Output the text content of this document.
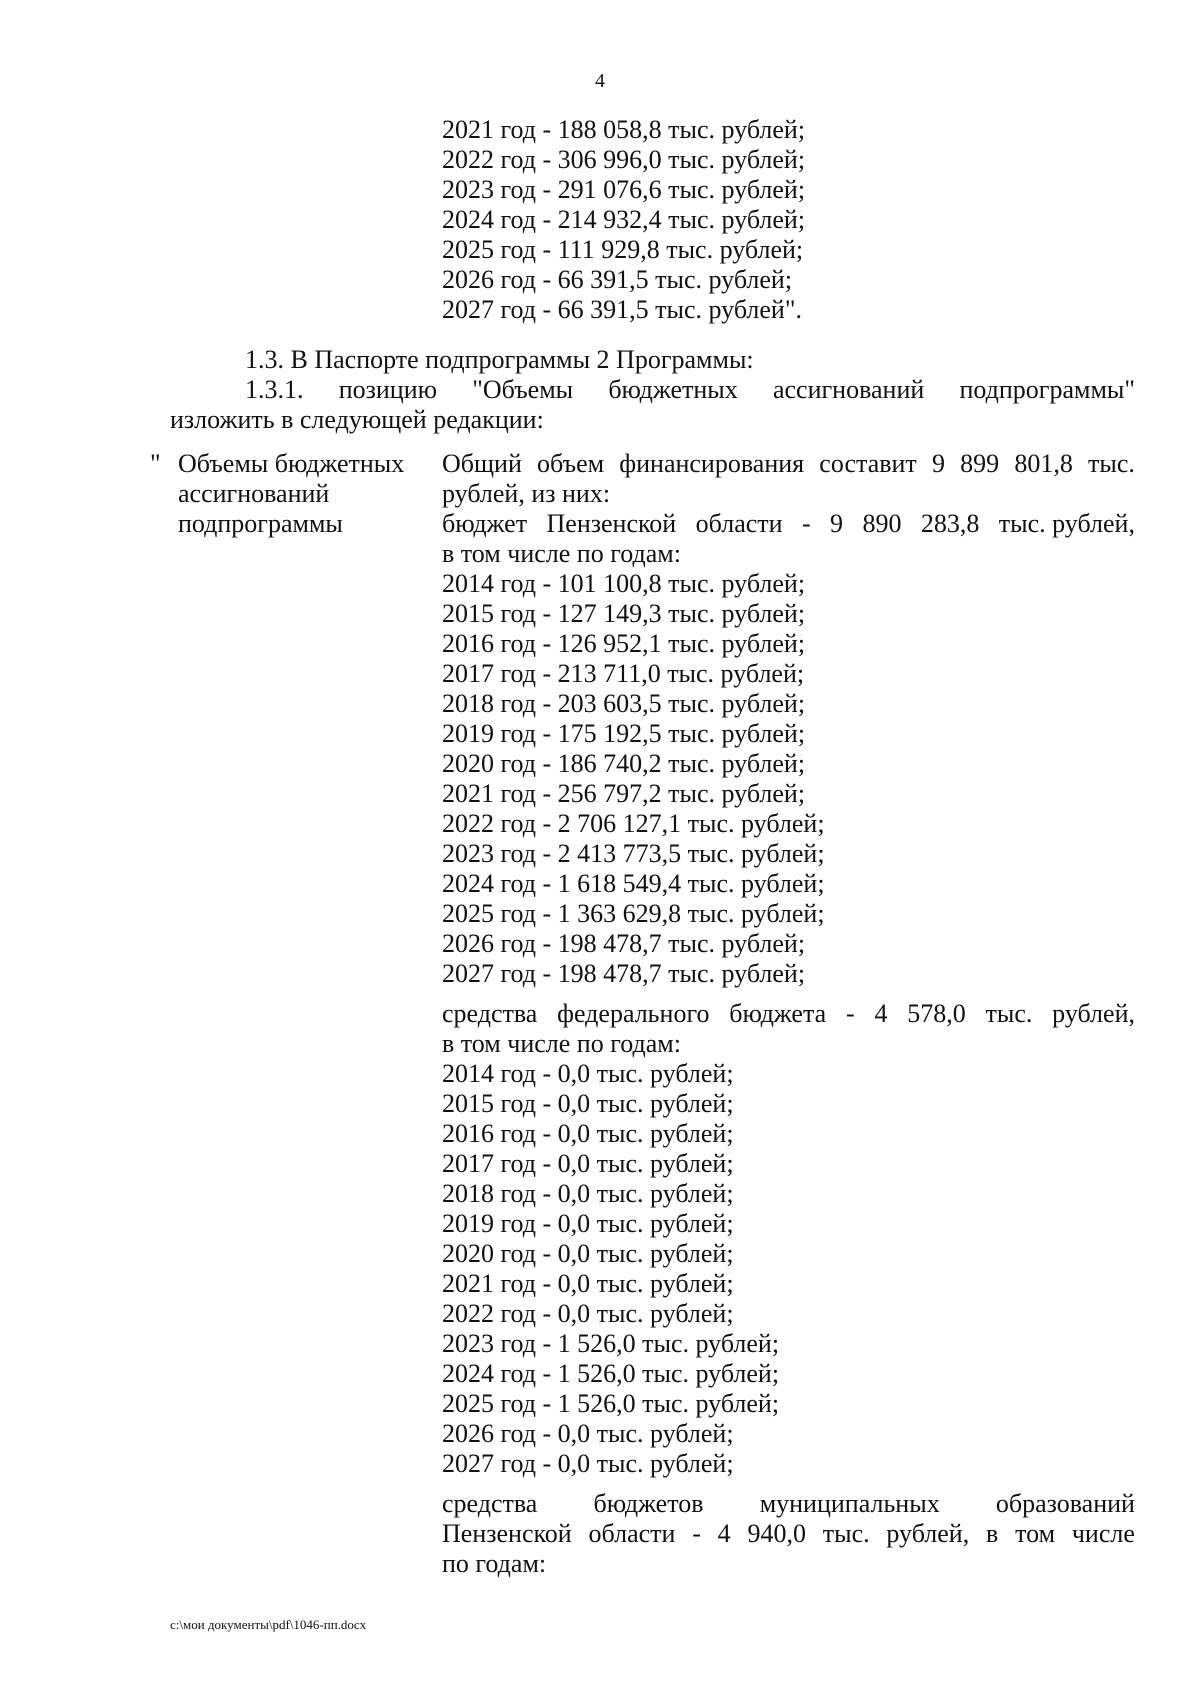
4
2021 год - 188 058,8 тыс. рублей;
2022 год - 306 996,0 тыс. рублей;
2023 год - 291 076,6 тыс. рублей;
2024 год - 214 932,4 тыс. рублей;
2025 год - 111 929,8 тыс. рублей;
2026 год - 66 391,5 тыс. рублей;
2027 год - 66 391,5 тыс. рублей".
1.3. В Паспорте подпрограммы 2 Программы:
1.3.1. позицию "Объемы бюджетных ассигнований подпрограммы"
изложить в следующей редакции:
" Объемы бюджетных
ассигнований
подпрограммы
Общий объем финансирования составит 9 899 801,8 тыс.
рублей, из них:
бюджет Пензенской области - 9 890 283,8 тыс. рублей,
в том числе по годам:
2014 год - 101 100,8 тыс. рублей;
2015 год - 127 149,3 тыс. рублей;
2016 год - 126 952,1 тыс. рублей;
2017 год - 213 711,0 тыс. рублей;
2018 год - 203 603,5 тыс. рублей;
2019 год - 175 192,5 тыс. рублей;
2020 год - 186 740,2 тыс. рублей;
2021 год - 256 797,2 тыс. рублей;
2022 год - 2 706 127,1 тыс. рублей;
2023 год - 2 413 773,5 тыс. рублей;
2024 год - 1 618 549,4 тыс. рублей;
2025 год - 1 363 629,8 тыс. рублей;
2026 год - 198 478,7 тыс. рублей;
2027 год - 198 478,7 тыс. рублей;
средства федерального бюджета - 4 578,0 тыс. рублей,
в том числе по годам:
2014 год - 0,0 тыс. рублей;
2015 год - 0,0 тыс. рублей;
2016 год - 0,0 тыс. рублей;
2017 год - 0,0 тыс. рублей;
2018 год - 0,0 тыс. рублей;
2019 год - 0,0 тыс. рублей;
2020 год - 0,0 тыс. рублей;
2021 год - 0,0 тыс. рублей;
2022 год - 0,0 тыс. рублей;
2023 год - 1 526,0 тыс. рублей;
2024 год - 1 526,0 тыс. рублей;
2025 год - 1 526,0 тыс. рублей;
2026 год - 0,0 тыс. рублей;
2027 год - 0,0 тыс. рублей;
средства бюджетов муниципальных образований
Пензенской области - 4 940,0 тыс. рублей, в том числе
по годам:
c:\мои документы\pdf\1046-пп.docx
